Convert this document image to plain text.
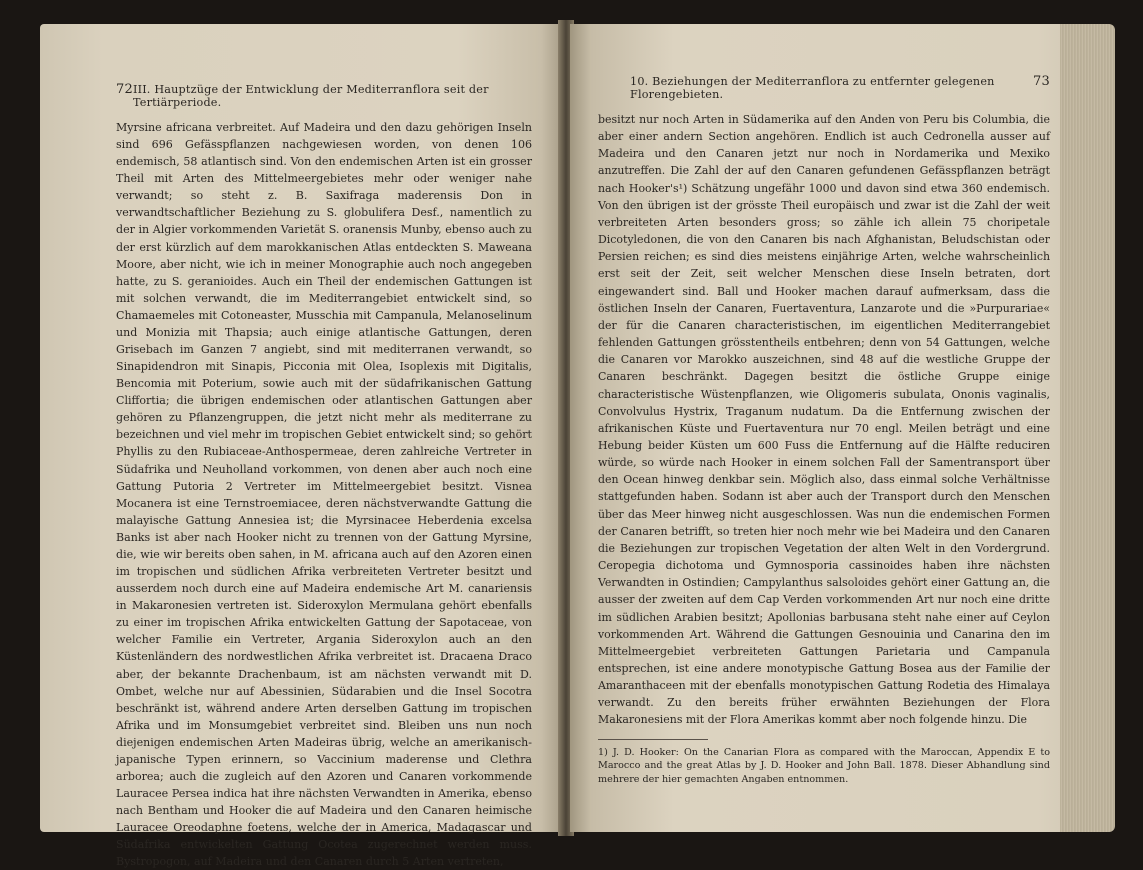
72 III. Hauptzüge der Entwicklung der Mediterranflora seit der Tertiärperiode.

Myrsine africana verbreitet. Auf Madeira und den dazu gehörigen Inseln sind 696 Gefässpflanzen nachgewiesen worden, von denen 106 endemisch, 58 atlantisch sind. Von den endemischen Arten ist ein grosser Theil mit Arten des Mittelmeergebietes mehr oder weniger nahe verwandt; so steht z. B. Saxifraga maderensis Don in verwandtschaftlicher Beziehung zu S. globulifera Desf., namentlich zu der in Algier vorkommenden Varietät S. oranensis Munby, ebenso auch zu der erst kürzlich auf dem marokkanischen Atlas entdeckten S. Maweana Moore, aber nicht, wie ich in meiner Monographie auch noch angegeben hatte, zu S. geranioides. Auch ein Theil der endemischen Gattungen ist mit solchen verwandt, die im Mediterrangebiet entwickelt sind, so Chamaemeles mit Cotoneaster, Musschia mit Campanula, Melanoselinum und Monizia mit Thapsia; auch einige atlantische Gattungen, deren Grisebach im Ganzen 7 angiebt, sind mit mediterranen verwandt, so Sinapidendron mit Sinapis, Picconia mit Olea, Isoplexis mit Digitalis, Bencomia mit Poterium, sowie auch mit der südafrikanischen Gattung Cliffortia; die übrigen endemischen oder atlantischen Gattungen aber gehören zu Pflanzengruppen, die jetzt nicht mehr als mediterrane zu bezeichnen und viel mehr im tropischen Gebiet entwickelt sind; so gehört Phyllis zu den Rubiaceae-Anthospermeae, deren zahlreiche Vertreter in Südafrika und Neuholland vorkommen, von denen aber auch noch eine Gattung Putoria 2 Vertreter im Mittelmeergebiet besitzt. Visnea Mocanera ist eine Ternstroemiacee, deren nächstverwandte Gattung die malayische Gattung Annesiea ist; die Myrsinacee Heberdenia excelsa Banks ist aber nach Hooker nicht zu trennen von der Gattung Myrsine, die, wie wir bereits oben sahen, in M. africana auch auf den Azoren einen im tropischen und südlichen Afrika verbreiteten Vertreter besitzt und ausserdem noch durch eine auf Madeira endemische Art M. canariensis in Makaronesien vertreten ist. Sideroxylon Mermulana gehört ebenfalls zu einer im tropischen Afrika entwickelten Gattung der Sapotaceae, von welcher Familie ein Vertreter, Argania Sideroxylon auch an den Küstenländern des nordwestlichen Afrika verbreitet ist. Dracaena Draco aber, der bekannte Drachenbaum, ist am nächsten verwandt mit D. Ombet, welche nur auf Abessinien, Südarabien und die Insel Socotra beschränkt ist, während andere Arten derselben Gattung im tropischen Afrika und im Monsumgebiet verbreitet sind. Bleiben uns nun noch diejenigen endemischen Arten Madeiras übrig, welche an amerikanisch-japanische Typen erinnern, so Vaccinium maderense und Clethra arborea; auch die zugleich auf den Azoren und Canaren vorkommende Lauracee Persea indica hat ihre nächsten Verwandten in Amerika, ebenso nach Bentham und Hooker die auf Madeira und den Canaren heimische Lauracee Oreodaphne foetens, welche der in America, Madagascar und Südafrika entwickelten Gattung Ocotea zugerechnet werden muss. Bystropogon, auf Madeira und den Canaren durch 5 Arten vertreten,

10. Beziehungen der Mediterranflora zu entfernter gelegenen Florengebieten.
73

besitzt nur noch Arten in Südamerika auf den Anden von Peru bis Columbia, die aber einer andern Section angehören. Endlich ist auch Cedronella ausser auf Madeira und den Canaren jetzt nur noch in Nordamerika und Mexiko anzutreffen. Die Zahl der auf den Canaren gefundenen Gefässpflanzen beträgt nach Hooker's¹) Schätzung ungefähr 1000 und davon sind etwa 360 endemisch. Von den übrigen ist der grösste Theil europäisch und zwar ist die Zahl der weit verbreiteten Arten besonders gross; so zähle ich allein 75 choripetale Dicotyledonen, die von den Canaren bis nach Afghanistan, Beludschistan oder Persien reichen; es sind dies meistens einjährige Arten, welche wahrscheinlich erst seit der Zeit, seit welcher Menschen diese Inseln betraten, dort eingewandert sind. Ball und Hooker machen darauf aufmerksam, dass die östlichen Inseln der Canaren, Fuertaventura, Lanzarote und die »Purpurariae« der für die Canaren characteristischen, im eigentlichen Mediterrangebiet fehlenden Gattungen grösstentheils entbehren; denn von 54 Gattungen, welche die Canaren vor Marokko auszeichnen, sind 48 auf die westliche Gruppe der Canaren beschränkt. Dagegen besitzt die östliche Gruppe einige characteristische Wüstenpflanzen, wie Oligomeris subulata, Ononis vaginalis, Convolvulus Hystrix, Traganum nudatum. Da die Entfernung zwischen der afrikanischen Küste und Fuertaventura nur 70 engl. Meilen beträgt und eine Hebung beider Küsten um 600 Fuss die Entfernung auf die Hälfte reduciren würde, so würde nach Hooker in einem solchen Fall der Samentransport über den Ocean hinweg denkbar sein. Möglich also, dass einmal solche Verhältnisse stattgefunden haben. Sodann ist aber auch der Transport durch den Menschen über das Meer hinweg nicht ausgeschlossen. Was nun die endemischen Formen der Canaren betrifft, so treten hier noch mehr wie bei Madeira und den Canaren die Beziehungen zur tropischen Vegetation der alten Welt in den Vordergrund. Ceropegia dichotoma und Gymnosporia cassinoides haben ihre nächsten Verwandten in Ostindien; Campylanthus salsoloides gehört einer Gattung an, die ausser der zweiten auf dem Cap Verden vorkommenden Art nur noch eine dritte im südlichen Arabien besitzt; Apollonias barbusana steht nahe einer auf Ceylon vorkommenden Art. Während die Gattungen Gesnouinia und Canarina den im Mittelmeergebiet verbreiteten Gattungen Parietaria und Campanula entsprechen, ist eine andere monotypische Gattung Bosea aus der Familie der Amaranthaceen mit der ebenfalls monotypischen Gattung Rodetia des Himalaya verwandt. Zu den bereits früher erwähnten Beziehungen der Flora Makaronesiens mit der Flora Amerikas kommt aber noch folgende hinzu. Die

1) J. D. Hooker: On the Canarian Flora as compared with the Maroccan, Appendix E to Marocco and the great Atlas by J. D. Hooker and John Ball. 1878. Dieser Abhandlung sind mehrere der hier gemachten Angaben entnommen.
